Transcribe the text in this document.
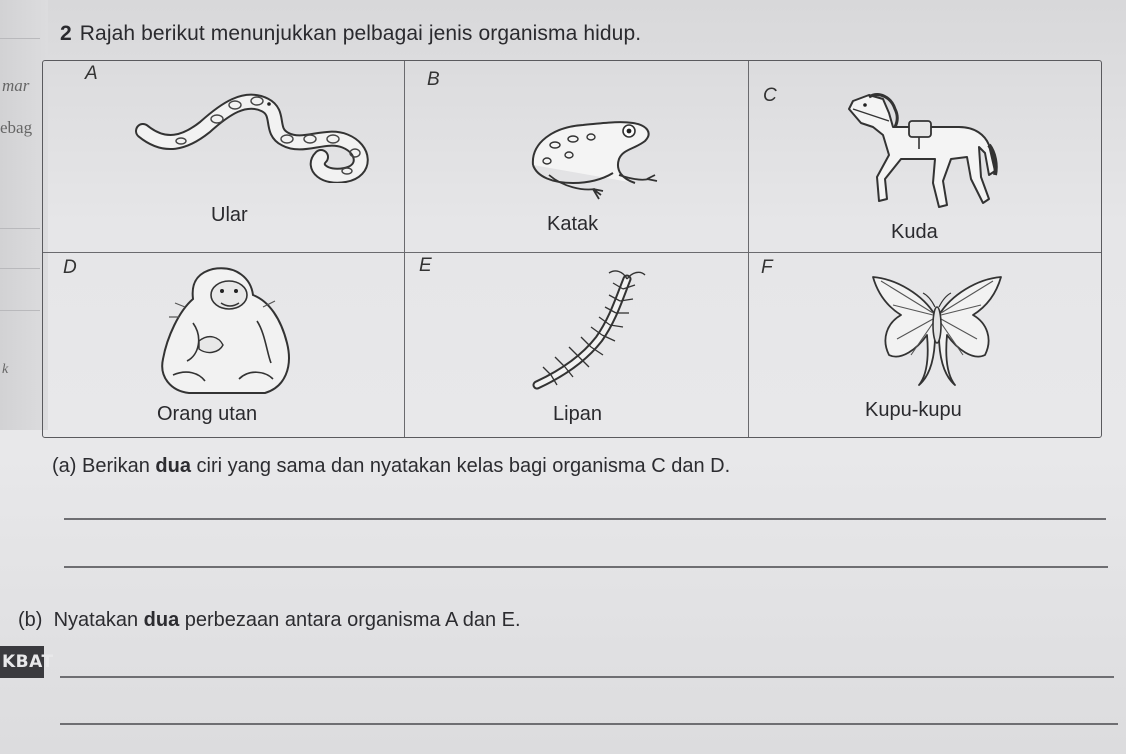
mar
ebag
k
2 Rajah berikut menunjukkan pelbagai jenis organisma hidup.
A
Ular
B
Katak
C
Kuda
D
Orang utan
E
Lipan
F
Kupu-kupu
(a) Berikan dua ciri yang sama dan nyatakan kelas bagi organisma C dan D.
(b) Nyatakan dua perbezaan antara organisma A dan E.
KBAT
